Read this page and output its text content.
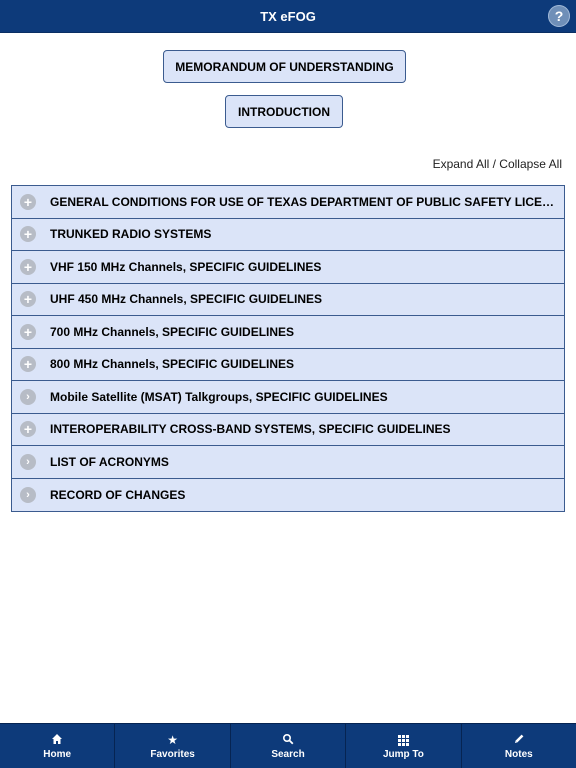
TX eFOG	?
MEMORANDUM OF UNDERSTANDING
INTRODUCTION
Expand All / Collapse All
+	GENERAL CONDITIONS FOR USE OF TEXAS DEPARTMENT OF PUBLIC SAFETY LICE…
+	TRUNKED RADIO SYSTEMS
+	VHF 150 MHz Channels, SPECIFIC GUIDELINES
+	UHF 450 MHz Channels, SPECIFIC GUIDELINES
+	700 MHz Channels, SPECIFIC GUIDELINES
+	800 MHz Channels, SPECIFIC GUIDELINES
›	Mobile Satellite (MSAT) Talkgroups, SPECIFIC GUIDELINES
+	INTEROPERABILITY CROSS-BAND SYSTEMS, SPECIFIC GUIDELINES
›	LIST OF ACRONYMS
›	RECORD OF CHANGES
Home
★
Favorites	Search	Jump To	Notes
